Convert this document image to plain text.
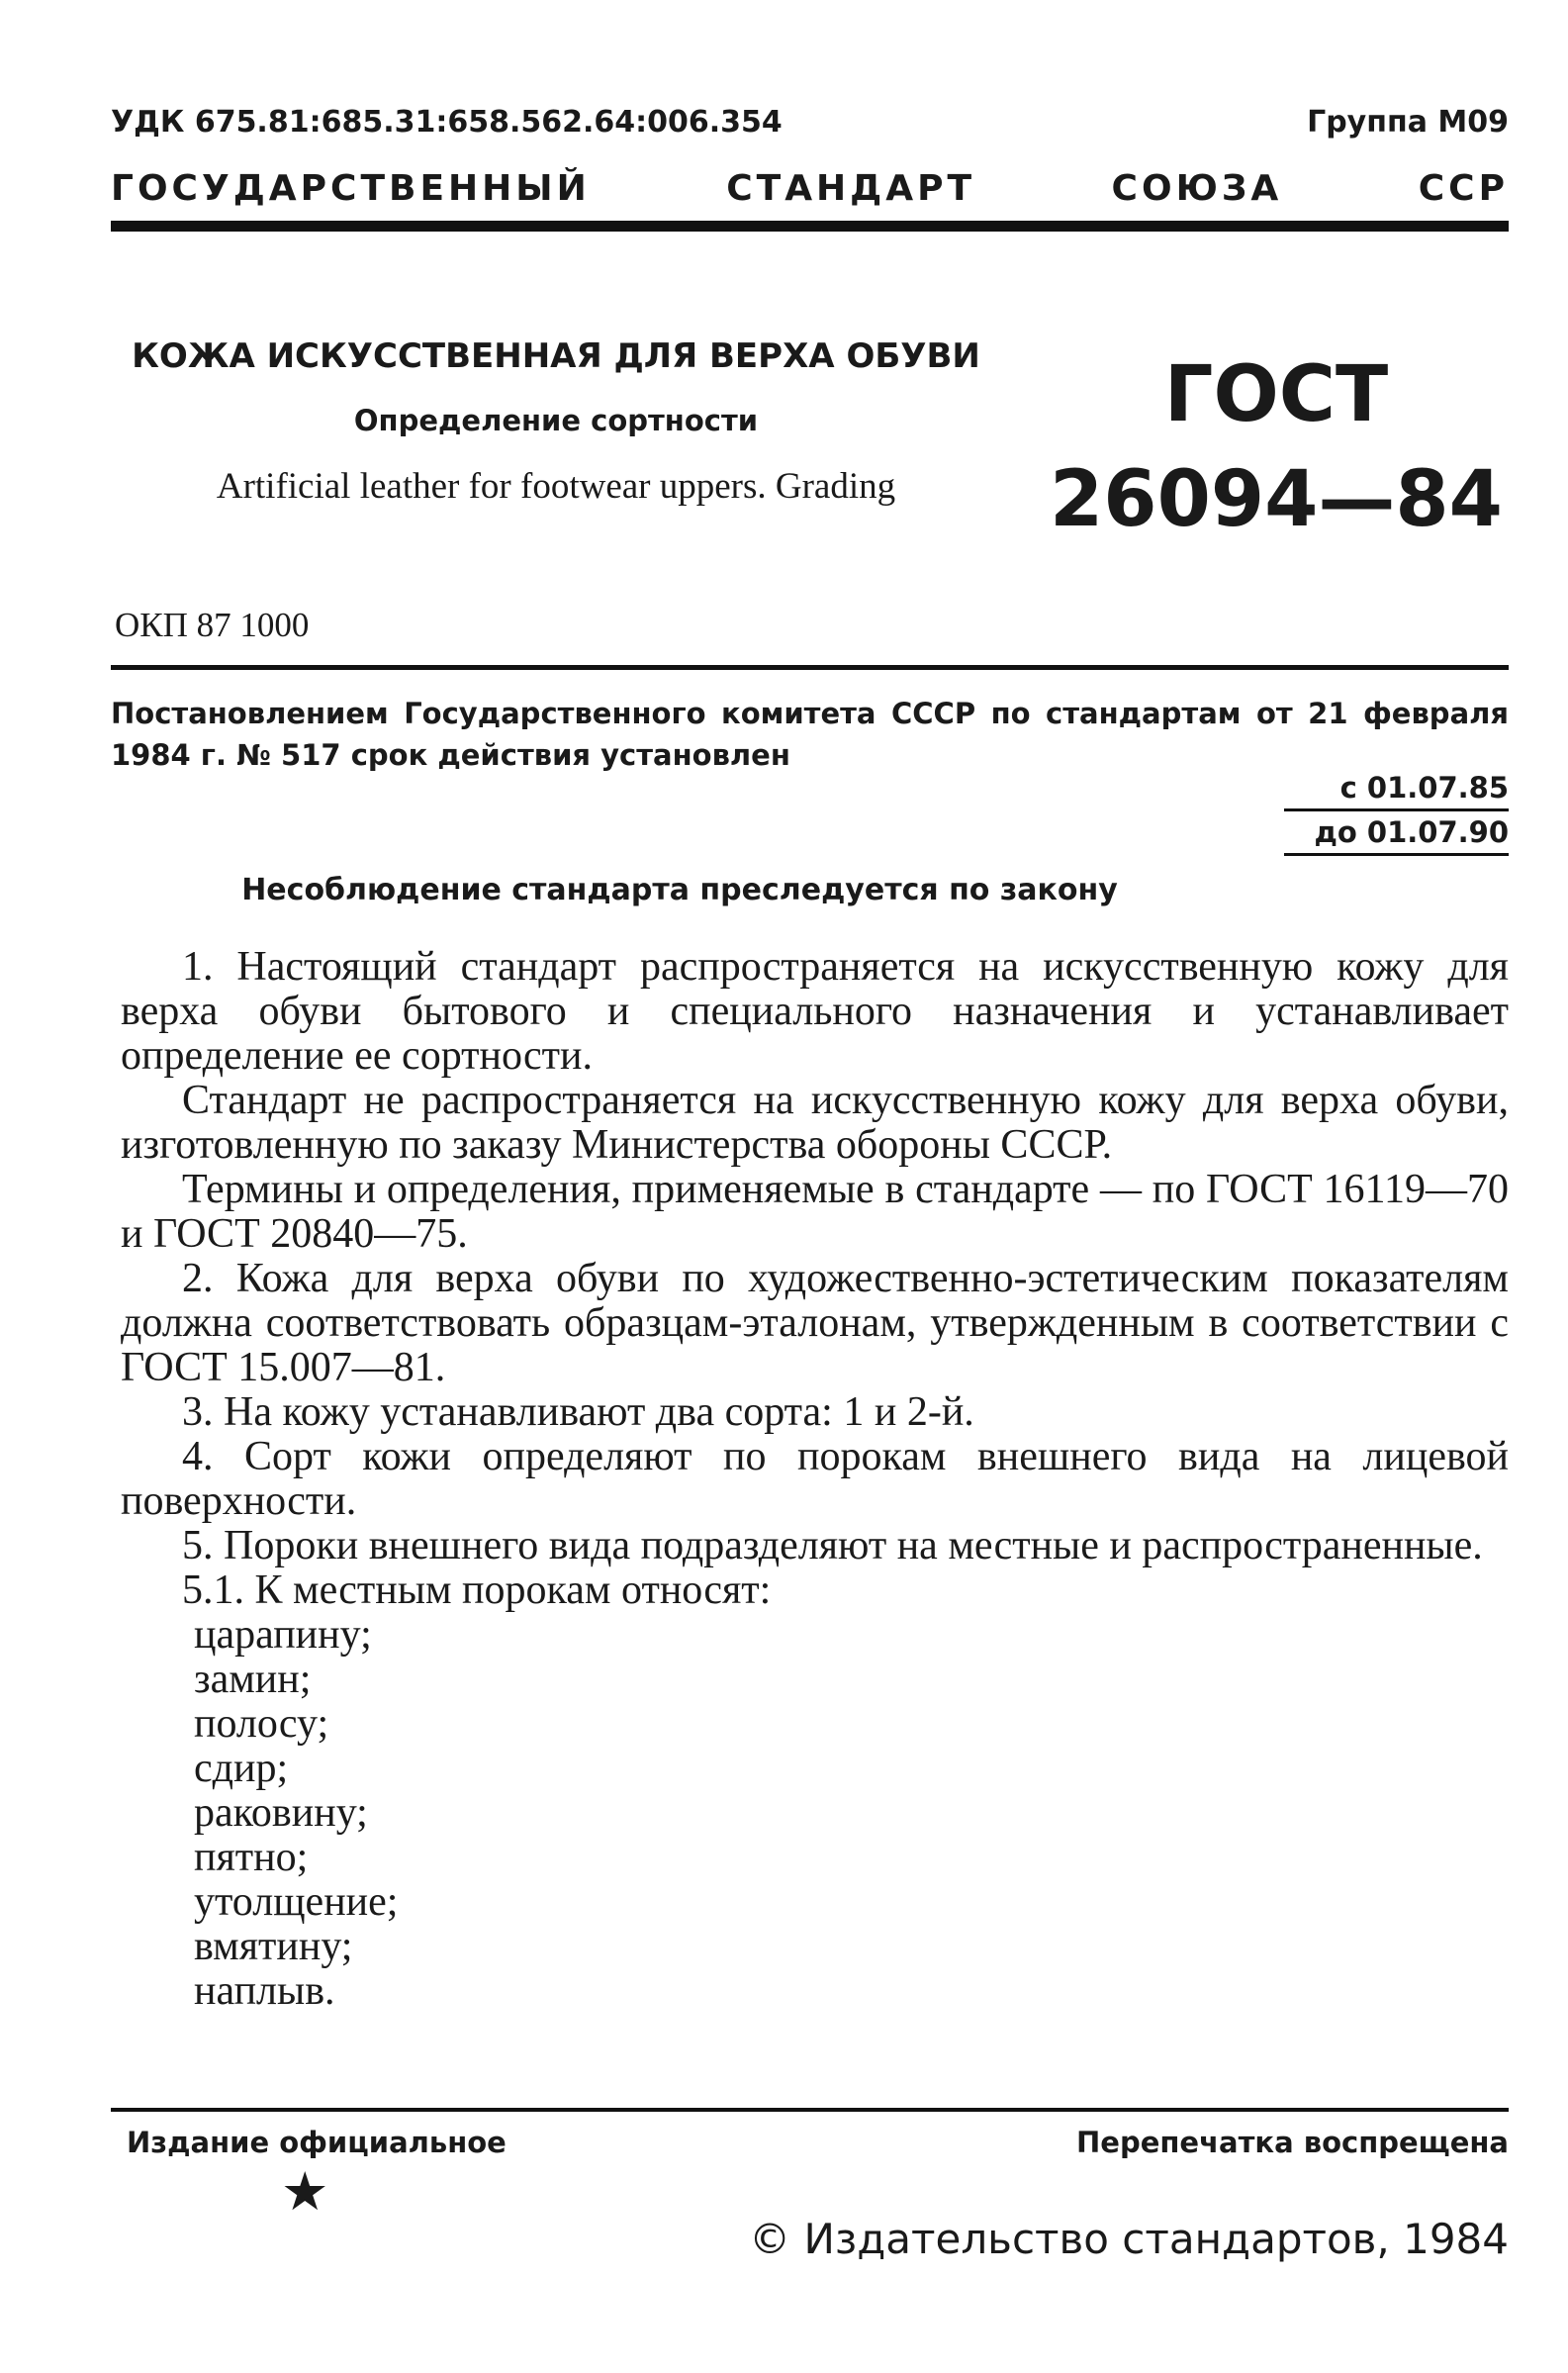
УДК 675.81:685.31:658.562.64:006.354	Группа М09
ГОСУДАРСТВЕННЫЙ	СТАНДАРТ	СОЮЗА	ССР
КОЖА ИСКУССТВЕННАЯ ДЛЯ ВЕРХА ОБУВИ
Определение сортности
Artificial leather for footwear uppers. Grading
ГОСТ
26094—84
ОКП 87 1000
Постановлением Государственного комитета СССР по стандартам от 21 февраля 1984 г. № 517 срок действия установлен
с 01.07.85
до 01.07.90
Несоблюдение стандарта преследуется по закону

1. Настоящий стандарт распространяется на искусственную кожу для верха обуви бытового и специального назначения и устанавливает определение ее сортности.

Стандарт не распространяется на искусственную кожу для верха обуви, изготовленную по заказу Министерства обороны СССР.

Термины и определения, применяемые в стандарте — по ГОСТ 16119—70 и ГОСТ 20840—75.

2. Кожа для верха обуви по художественно-эстетическим показателям должна соответствовать образцам-эталонам, утвержденным в соответствии с ГОСТ 15.007—81.

3. На кожу устанавливают два сорта: 1 и 2-й.

4. Сорт кожи определяют по порокам внешнего вида на лицевой поверхности.

5. Пороки внешнего вида подразделяют на местные и распространенные.

5.1. К местным порокам относят:

царапину;

замин;

полосу;

сдир;

раковину;

пятно;

утолщение;

вмятину;

наплыв.

Издание официальное	Перепечатка воспрещена
★
© Издательство стандартов, 1984
